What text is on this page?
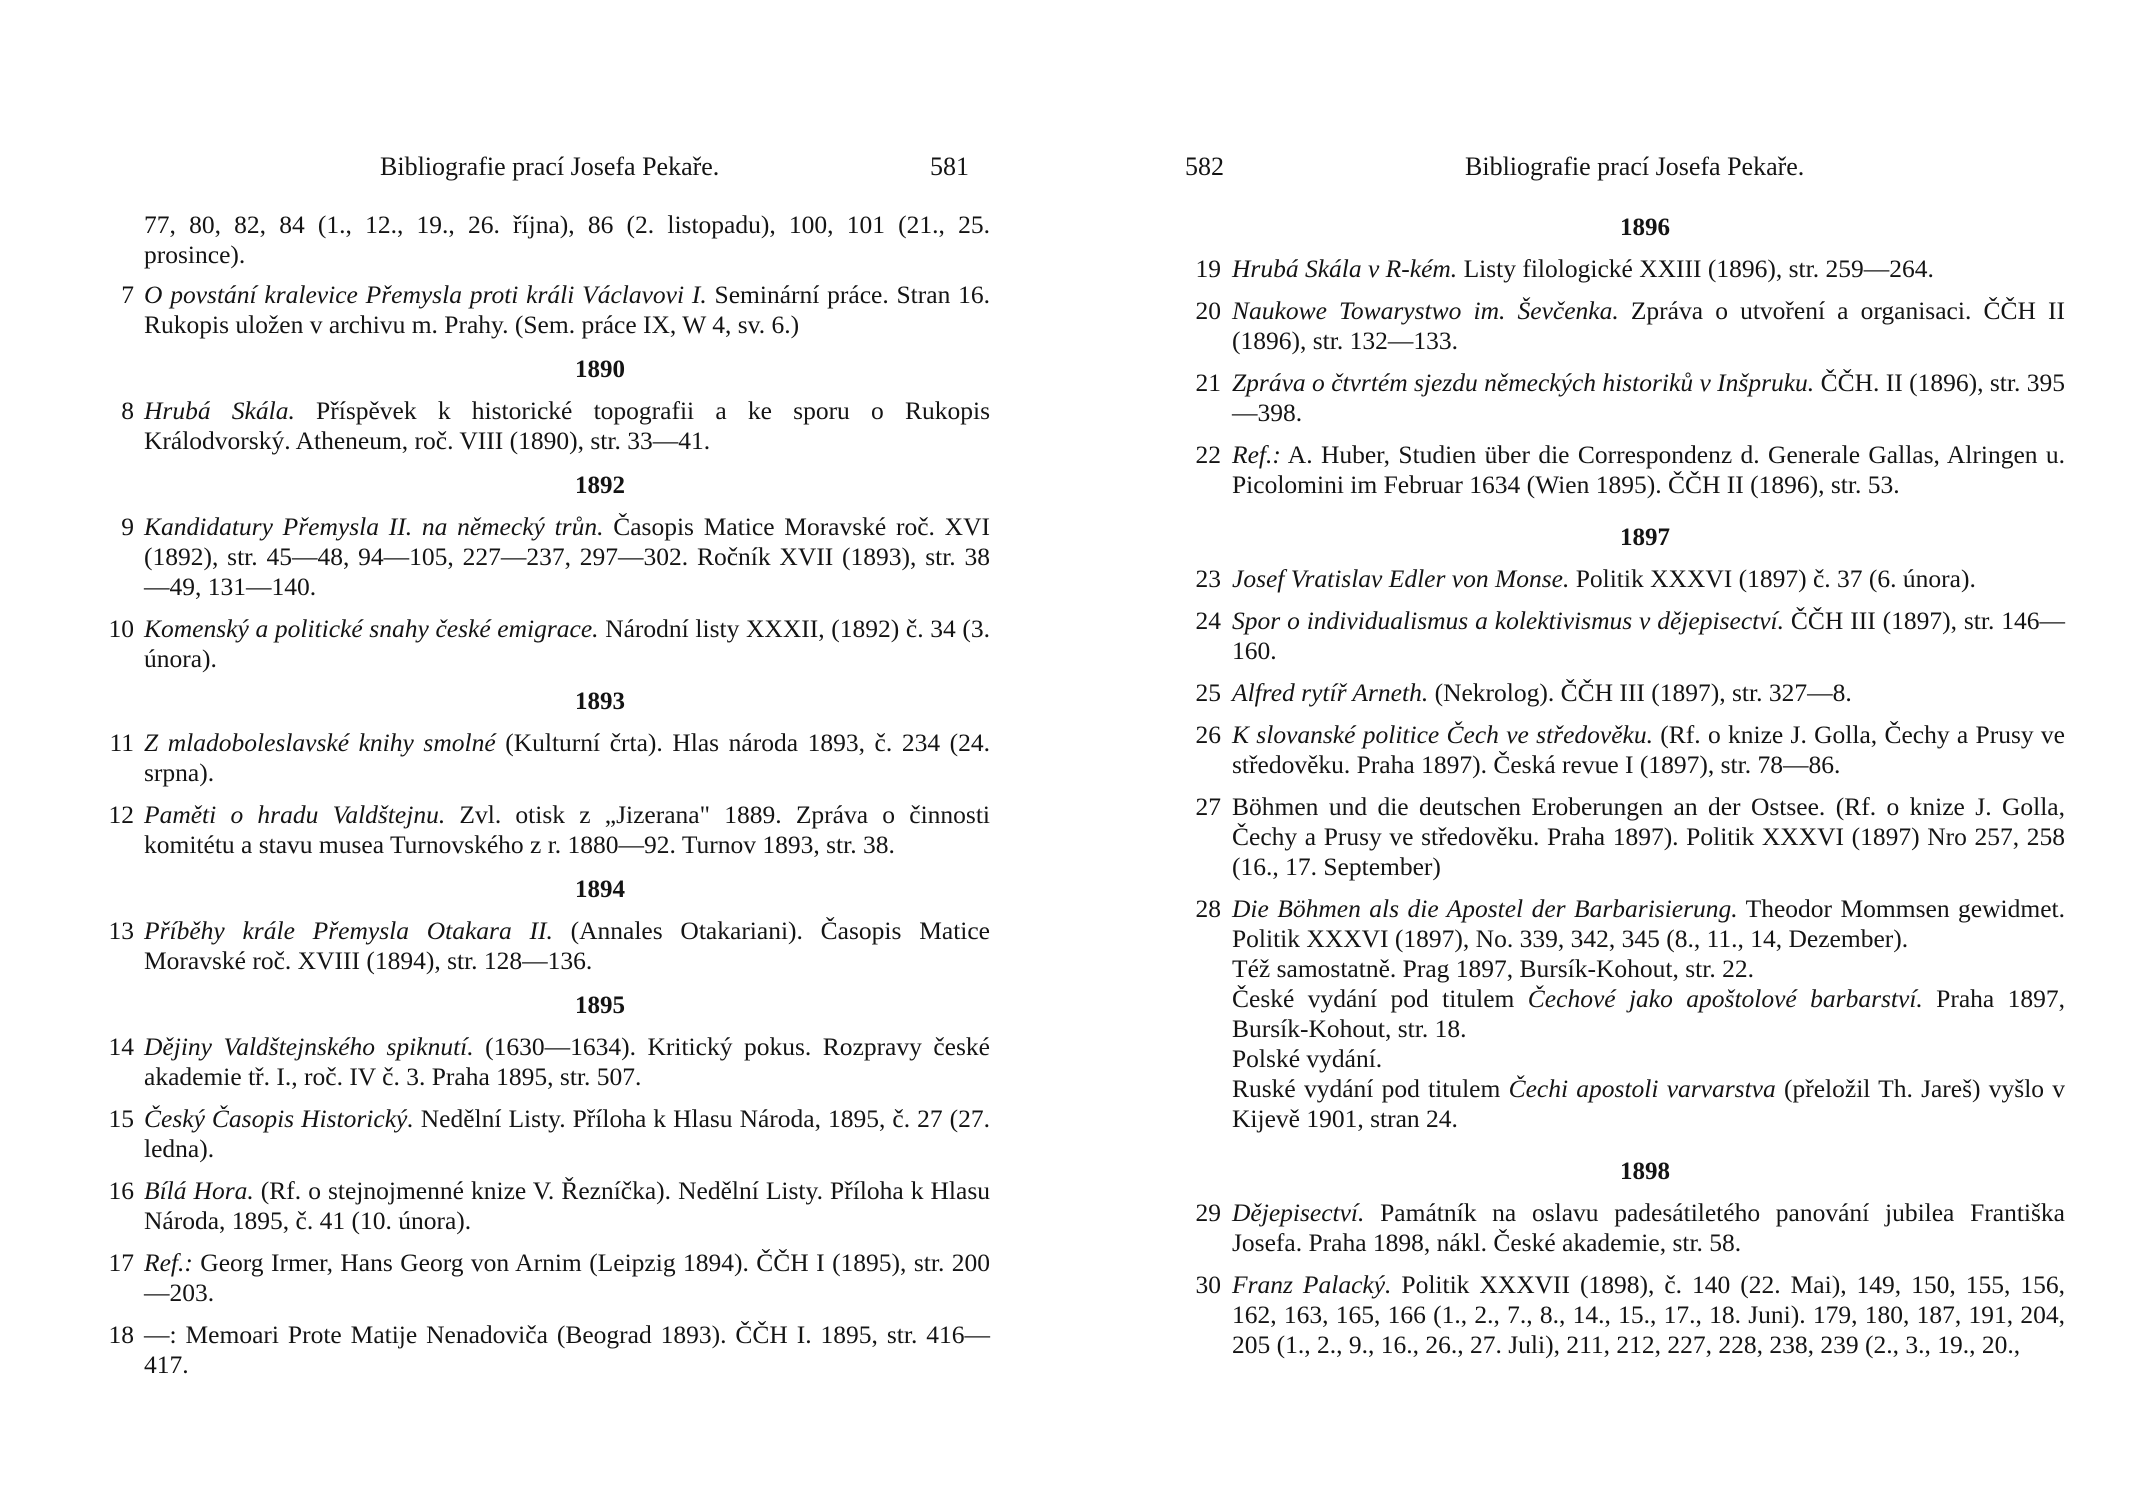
Bibliografie prací Josefa Pekaře.	581
77, 80, 82, 84 (1., 12., 19., 26. října), 86 (2. listopadu), 100, 101 (21., 25. prosince).
7 O povstání kralevice Přemysla proti králi Václavovi I. Seminární práce. Stran 16. Rukopis uložen v archivu m. Prahy. (Sem. práce IX, W 4, sv. 6.)
1890
8 Hrubá Skála. Příspěvek k historické topografii a ke sporu o Rukopis Králodvorský. Atheneum, roč. VIII (1890), str. 33—41.
1892
9 Kandidatury Přemysla II. na německý trůn. Časopis Matice Moravské roč. XVI (1892), str. 45—48, 94—105, 227—237, 297—302. Ročník XVII (1893), str. 38—49, 131—140.
10 Komenský a politické snahy české emigrace. Národní listy XXXII, (1892) č. 34 (3. února).
1893
11 Z mladoboleslavské knihy smolné (Kulturní črta). Hlas národa 1893, č. 234 (24. srpna).
12 Paměti o hradu Valdštejnu. Zvl. otisk z „Jizerana" 1889. Zpráva o činnosti komitétu a stavu musea Turnovského z r. 1880—92. Turnov 1893, str. 38.
1894
13 Příběhy krále Přemysla Otakara II. (Annales Otakariani). Časopis Matice Moravské roč. XVIII (1894), str. 128—136.
1895
14 Dějiny Valdštejnského spiknutí. (1630—1634). Kritický pokus. Rozpravy české akademie tř. I., roč. IV č. 3. Praha 1895, str. 507.
15 Český Časopis Historický. Nedělní Listy. Příloha k Hlasu Národa, 1895, č. 27 (27. ledna).
16 Bílá Hora. (Rf. o stejnojmenné knize V. Řezníčka). Nedělní Listy. Příloha k Hlasu Národa, 1895, č. 41 (10. února).
17 Ref.: Georg Irmer, Hans Georg von Arnim (Leipzig 1894). ČČH I (1895), str. 200—203.
18 —: Memoari Prote Matije Nenadoviča (Beograd 1893). ČČH I. 1895, str. 416—417.
582	Bibliografie prací Josefa Pekaře.
1896
19 Hrubá Skála v R-kém. Listy filologické XXIII (1896), str. 259—264.
20 Naukowe Towarystwo im. Ševčenka. Zpráva o utvoření a organisaci. ČČH II (1896), str. 132—133.
21 Zpráva o čtvrtém sjezdu německých historiků v Inšpruku. ČČH. II (1896), str. 395—398.
22 Ref.: A. Huber, Studien über die Correspondenz d. Generale Gallas, Alringen u. Picolomini im Februar 1634 (Wien 1895). ČČH II (1896), str. 53.
1897
23 Josef Vratislav Edler von Monse. Politik XXXVI (1897) č. 37 (6. února).
24 Spor o individualismus a kolektivismus v dějepisectví. ČČH III (1897), str. 146—160.
25 Alfred rytíř Arneth. (Nekrolog). ČČH III (1897), str. 327—8.
26 K slovanské politice Čech ve středověku. (Rf. o knize J. Golla, Čechy a Prusy ve středověku. Praha 1897). Česká revue I (1897), str. 78—86.
27 Böhmen und die deutschen Eroberungen an der Ostsee. (Rf. o knize J. Golla, Čechy a Prusy ve středověku. Praha 1897). Politik XXXVI (1897) Nro 257, 258 (16., 17. September)
28 Die Böhmen als die Apostel der Barbarisierung. Theodor Mommsen gewidmet. Politik XXXVI (1897), No. 339, 342, 345 (8., 11., 14, Dezember).
Též samostatně. Prag 1897, Bursík-Kohout, str. 22.
České vydání pod titulem Čechové jako apoštolové barbarství. Praha 1897, Bursík-Kohout, str. 18.
Polské vydání.
Ruské vydání pod titulem Čechi apostoli varvarstva (přeložil Th. Jareš) vyšlo v Kijevě 1901, stran 24.
1898
29 Dějepisectví. Památník na oslavu padesátiletého panování jubilea Františka Josefa. Praha 1898, nákl. České akademie, str. 58.
30 Franz Palacký. Politik XXXVII (1898), č. 140 (22. Mai), 149, 150, 155, 156, 162, 163, 165, 166 (1., 2., 7., 8., 14., 15., 17., 18. Juni). 179, 180, 187, 191, 204, 205 (1., 2., 9., 16., 26., 27. Juli), 211, 212, 227, 228, 238, 239 (2., 3., 19., 20.,
